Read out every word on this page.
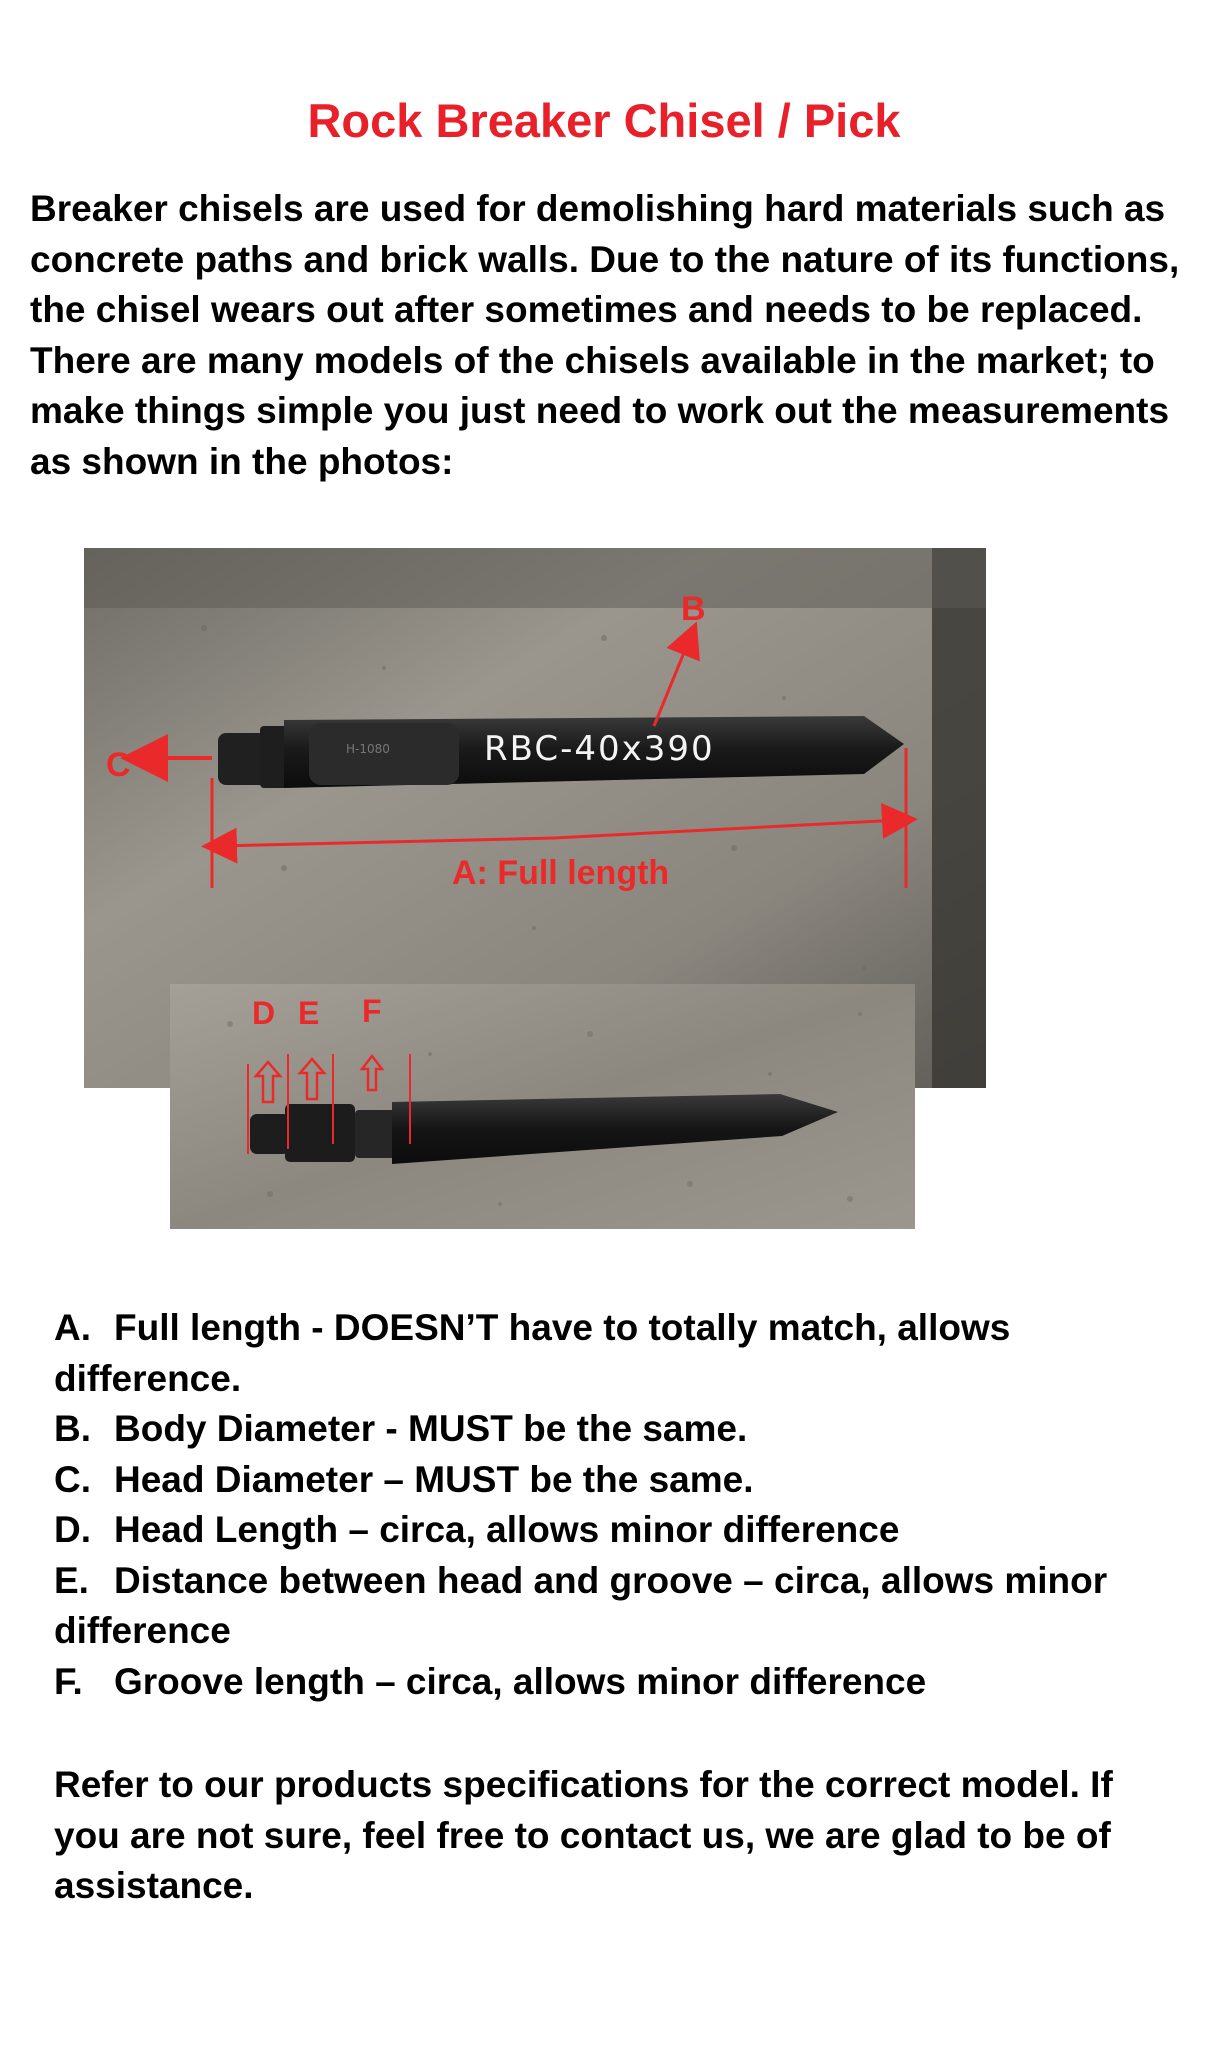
Rock Breaker Chisel / Pick

Breaker chisels are used for demolishing hard materials such as concrete paths and brick walls. Due to the nature of its functions, the chisel wears out after sometimes and needs to be replaced. There are many models of the chisels available in the market; to make things simple you just need to work out the measurements as shown in the photos:

H-1080	RBC-40x390
C
B
A: Full length
D E F
A. Full length - DOESN’T have to totally match, allows difference.
B. Body Diameter - MUST be the same.
C. Head Diameter – MUST be the same.
D. Head Length – circa, allows minor difference
E. Distance between head and groove – circa, allows minor difference
F. Groove length – circa, allows minor difference

Refer to our products specifications for the correct model. If you are not sure, feel free to contact us, we are glad to be of assistance.
